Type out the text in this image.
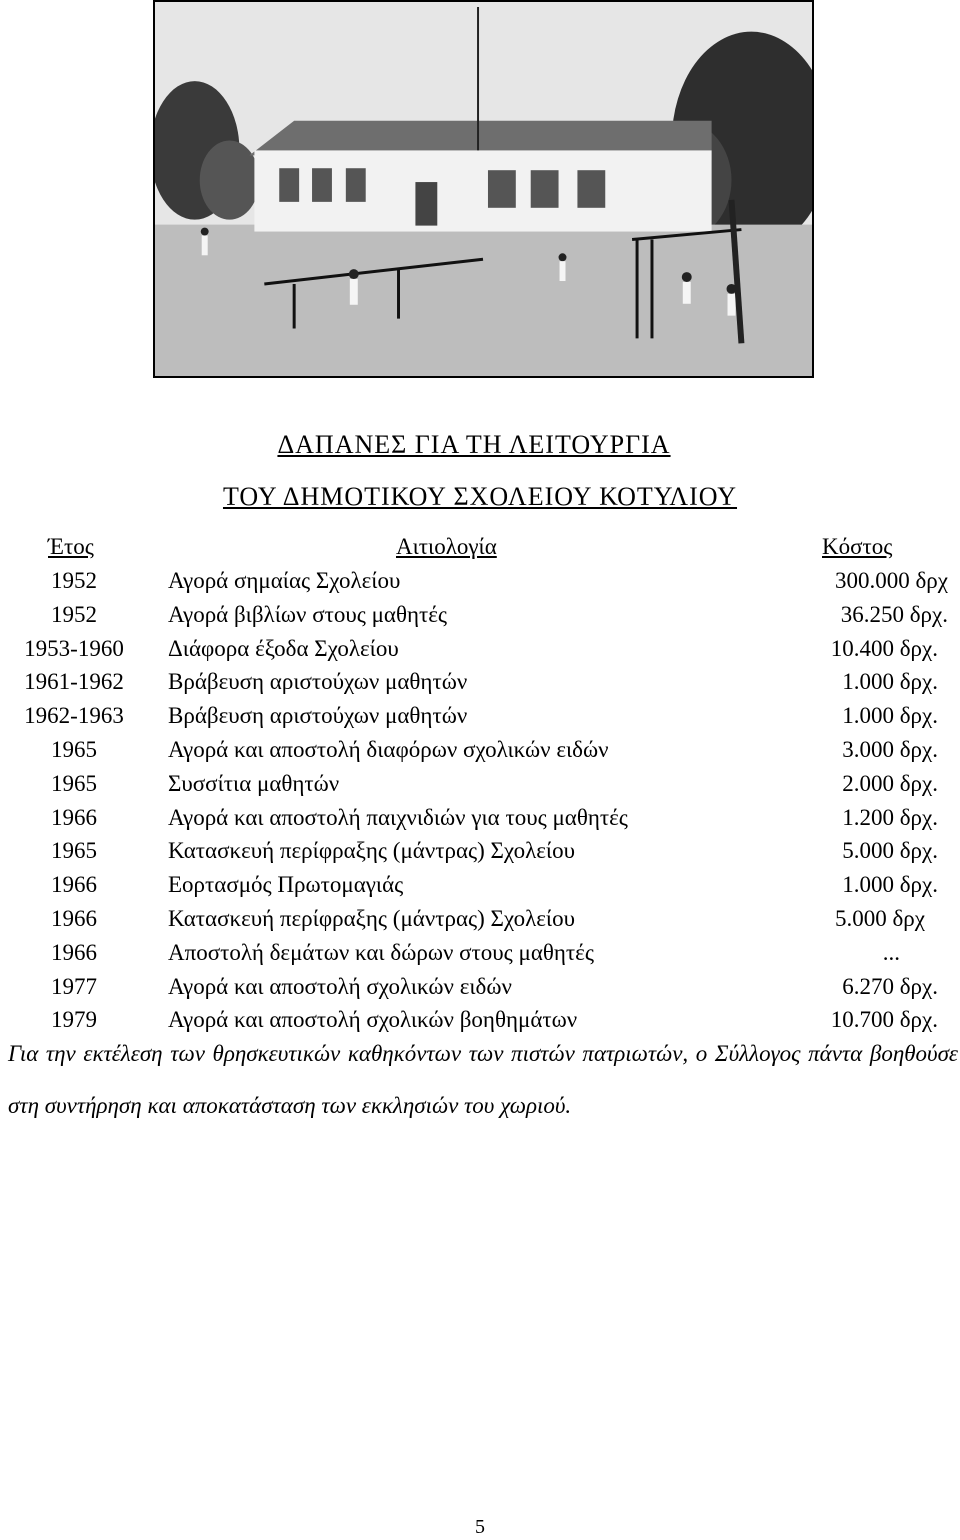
ΔΑΠΑΝΕΣ ΓΙΑ ΤΗ ΛΕΙΤΟΥΡΓΙΑ
ΤΟΥ ΔΗΜΟΤΙΚΟΥ ΣΧΟΛΕΙΟΥ ΚΟΤΥΛΙΟΥ
Έτος	Αιτιολογία	Κόστος
1952	Αγορά σημαίας Σχολείου	300.000 δρχ
1952	Αγορά βιβλίων στους μαθητές	36.250 δρχ.
1953-1960	Διάφορα έξοδα Σχολείου	10.400 δρχ.
1961-1962	Βράβευση αριστούχων μαθητών	1.000 δρχ.
1962-1963	Βράβευση αριστούχων μαθητών	1.000 δρχ.
1965	Αγορά και αποστολή διαφόρων σχολικών ειδών	3.000 δρχ.
1965	Συσσίτια μαθητών	2.000 δρχ.
1966	Αγορά και αποστολή παιχνιδιών για τους μαθητές	1.200 δρχ.
1965	Κατασκευή περίφραξης (μάντρας) Σχολείου	5.000 δρχ.
1966	Εορτασμός Πρωτομαγιάς	1.000 δρχ.
1966	Κατασκευή περίφραξης (μάντρας) Σχολείου	5.000 δρχ
1966	Αποστολή δεμάτων και δώρων στους μαθητές	...
1977	Αγορά και αποστολή σχολικών ειδών	6.270 δρχ.
1979	Αγορά και αποστολή σχολικών βοηθημάτων	10.700 δρχ.
Για την εκτέλεση των θρησκευτικών καθηκόντων των πιστών πατριωτών, ο Σύλλογος πάντα βοηθούσε στη συντήρηση και αποκατάσταση των εκκλησιών του χωριού.
5
